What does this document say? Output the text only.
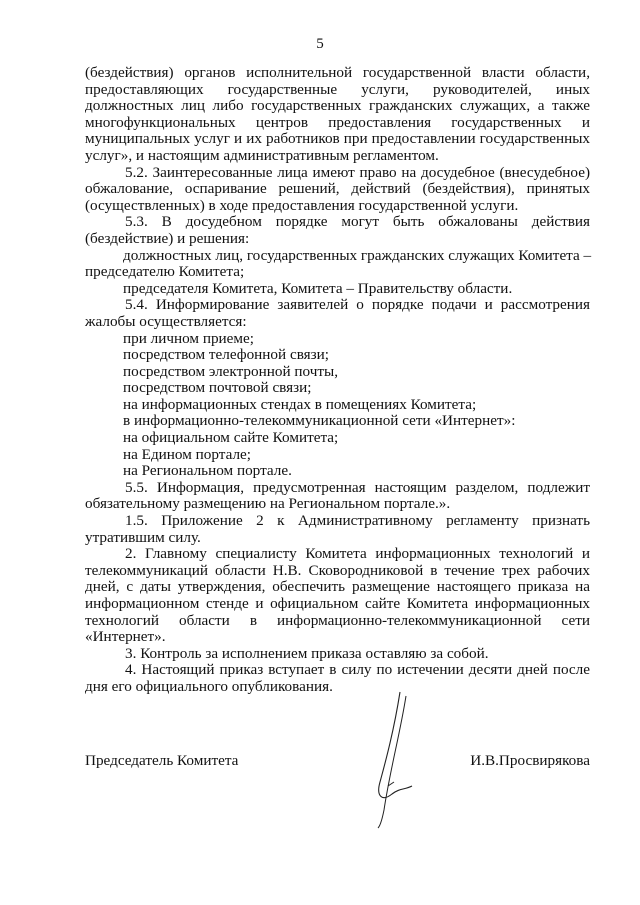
5
(бездействия) органов исполнительной государственной власти области,
предоставляющих государственные услуги, руководителей, иных
должностных лиц либо государственных гражданских служащих, а также
многофункциональных центров предоставления государственных и
муниципальных услуг и их работников при предоставлении государственных
услуг», и настоящим административным регламентом.
5.2. Заинтересованные лица имеют право на досудебное (внесудебное)
обжалование, оспаривание решений, действий (бездействия), принятых
(осуществленных) в ходе предоставления государственной услуги.
5.3. В досудебном порядке могут быть обжалованы действия
(бездействие) и решения:
должностных лиц, государственных гражданских служащих Комитета –
председателю Комитета;
председателя Комитета, Комитета – Правительству области.
5.4. Информирование заявителей о порядке подачи и рассмотрения
жалобы осуществляется:
при личном приеме;
посредством телефонной связи;
посредством электронной почты,
посредством почтовой связи;
на информационных стендах в помещениях Комитета;
в информационно-телекоммуникационной сети «Интернет»:
на официальном сайте Комитета;
на Едином портале;
на Региональном портале.
5.5. Информация, предусмотренная настоящим разделом, подлежит
обязательному размещению на Региональном портале.».
1.5. Приложение 2 к Административному регламенту признать
утратившим силу.
2. Главному специалисту Комитета информационных технологий и
телекоммуникаций области Н.В. Сковородниковой в течение трех рабочих
дней, с даты утверждения, обеспечить размещение настоящего приказа на
информационном стенде и официальном сайте Комитета информационных
технологий области в информационно-телекоммуникационной сети
«Интернет».
3. Контроль за исполнением приказа оставляю за собой.
4. Настоящий приказ вступает в силу по истечении десяти дней после
дня его официального опубликования.
Председатель Комитета	И.В.Просвирякова
